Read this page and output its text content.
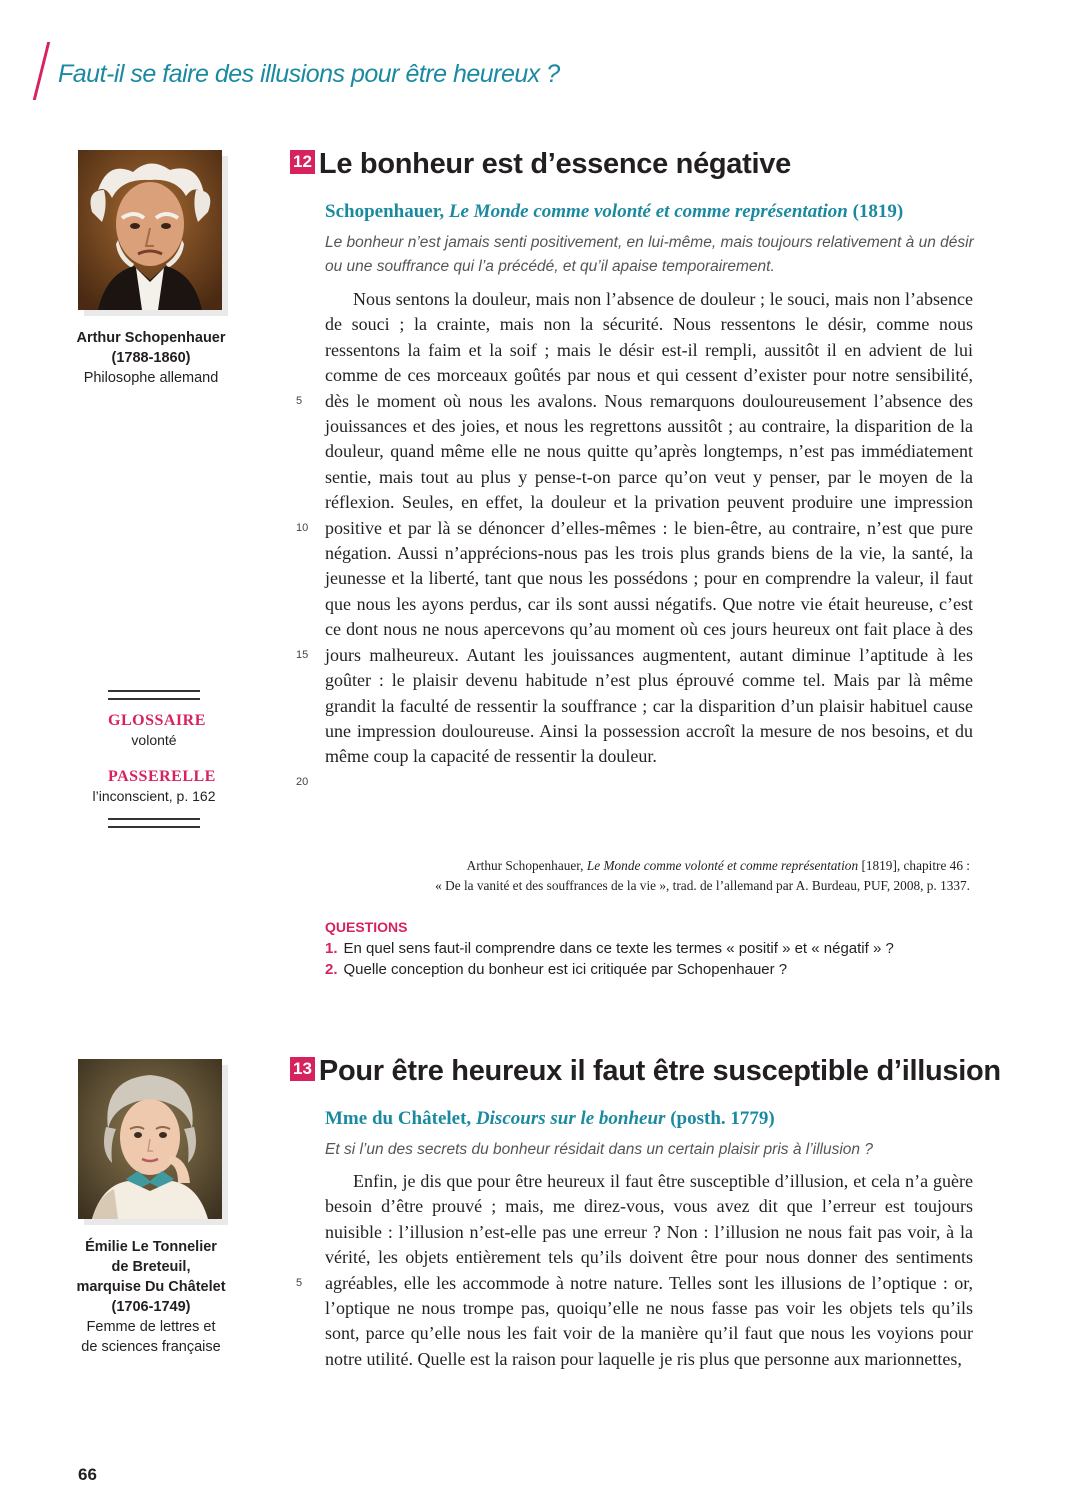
Faut-il se faire des illusions pour être heureux ?
Arthur Schopenhauer
(1788-1860)
Philosophe allemand
GLOSSAIRE
volonté
PASSERELLE
l’inconscient, p. 162
12 Le bonheur est d’essence négative
Schopenhauer, Le Monde comme volonté et comme représentation (1819)
Le bonheur n’est jamais senti positivement, en lui-même, mais toujours relativement à un désir ou une souffrance qui l’a précédé, et qu’il apaise temporairement.

Nous sentons la douleur, mais non l’absence de douleur ; le souci, mais non l’absence de souci ; la crainte, mais non la sécurité. Nous ressentons le désir, comme nous ressentons la faim et la soif ; mais le désir est-il rempli, aussitôt il en advient de lui comme de ces morceaux goûtés par nous et qui cessent d’exister pour notre sensibilité, dès le moment où nous les avalons. Nous remarquons douloureusement l’absence des jouissances et des joies, et nous les regrettons aussitôt ; au contraire, la disparition de la douleur, quand même elle ne nous quitte qu’après longtemps, n’est pas immédiatement sentie, mais tout au plus y pense-t-on parce qu’on veut y penser, par le moyen de la réflexion. Seules, en effet, la douleur et la privation peuvent produire une impression positive et par là se dénoncer d’elles-mêmes : le bien-être, au contraire, n’est que pure négation. Aussi n’apprécions-nous pas les trois plus grands biens de la vie, la santé, la jeunesse et la liberté, tant que nous les possédons ; pour en comprendre la valeur, il faut que nous les ayons perdus, car ils sont aussi négatifs. Que notre vie était heureuse, c’est ce dont nous ne nous apercevons qu’au moment où ces jours heureux ont fait place à des jours malheureux. Autant les jouissances augmentent, autant diminue l’aptitude à les goûter : le plaisir devenu habitude n’est plus éprouvé comme tel. Mais par là même grandit la faculté de ressentir la souffrance ; car la disparition d’un plaisir habituel cause une impression douloureuse. Ainsi la possession accroît la mesure de nos besoins, et du même coup la capacité de ressentir la douleur.

5
10
15
20
Arthur Schopenhauer, Le Monde comme volonté et comme représentation [1819], chapitre 46 :
« De la vanité et des souffrances de la vie », trad. de l’allemand par A. Burdeau, PUF, 2008, p. 1337.
QUESTIONS
1. En quel sens faut-il comprendre dans ce texte les termes « positif » et « négatif » ?
2. Quelle conception du bonheur est ici critiquée par Schopenhauer ?
Émilie Le Tonnelier
de Breteuil,
marquise Du Châtelet
(1706-1749)
Femme de lettres et
de sciences française
13 Pour être heureux il faut être susceptible d’illusion
Mme du Châtelet, Discours sur le bonheur (posth. 1779)
Et si l’un des secrets du bonheur résidait dans un certain plaisir pris à l’illusion ?

Enfin, je dis que pour être heureux il faut être susceptible d’illusion, et cela n’a guère besoin d’être prouvé ; mais, me direz-vous, vous avez dit que l’erreur est toujours nuisible : l’illusion n’est-elle pas une erreur ? Non : l’illusion ne nous fait pas voir, à la vérité, les objets entièrement tels qu’ils doivent être pour nous donner des sentiments agréables, elle les accommode à notre nature. Telles sont les illusions de l’optique : or, l’optique ne nous trompe pas, quoiqu’elle ne nous fasse pas voir les objets tels qu’ils sont, parce qu’elle nous les fait voir de la manière qu’il faut que nous les voyions pour notre utilité. Quelle est la raison pour laquelle je ris plus que personne aux marionnettes,

5
66
